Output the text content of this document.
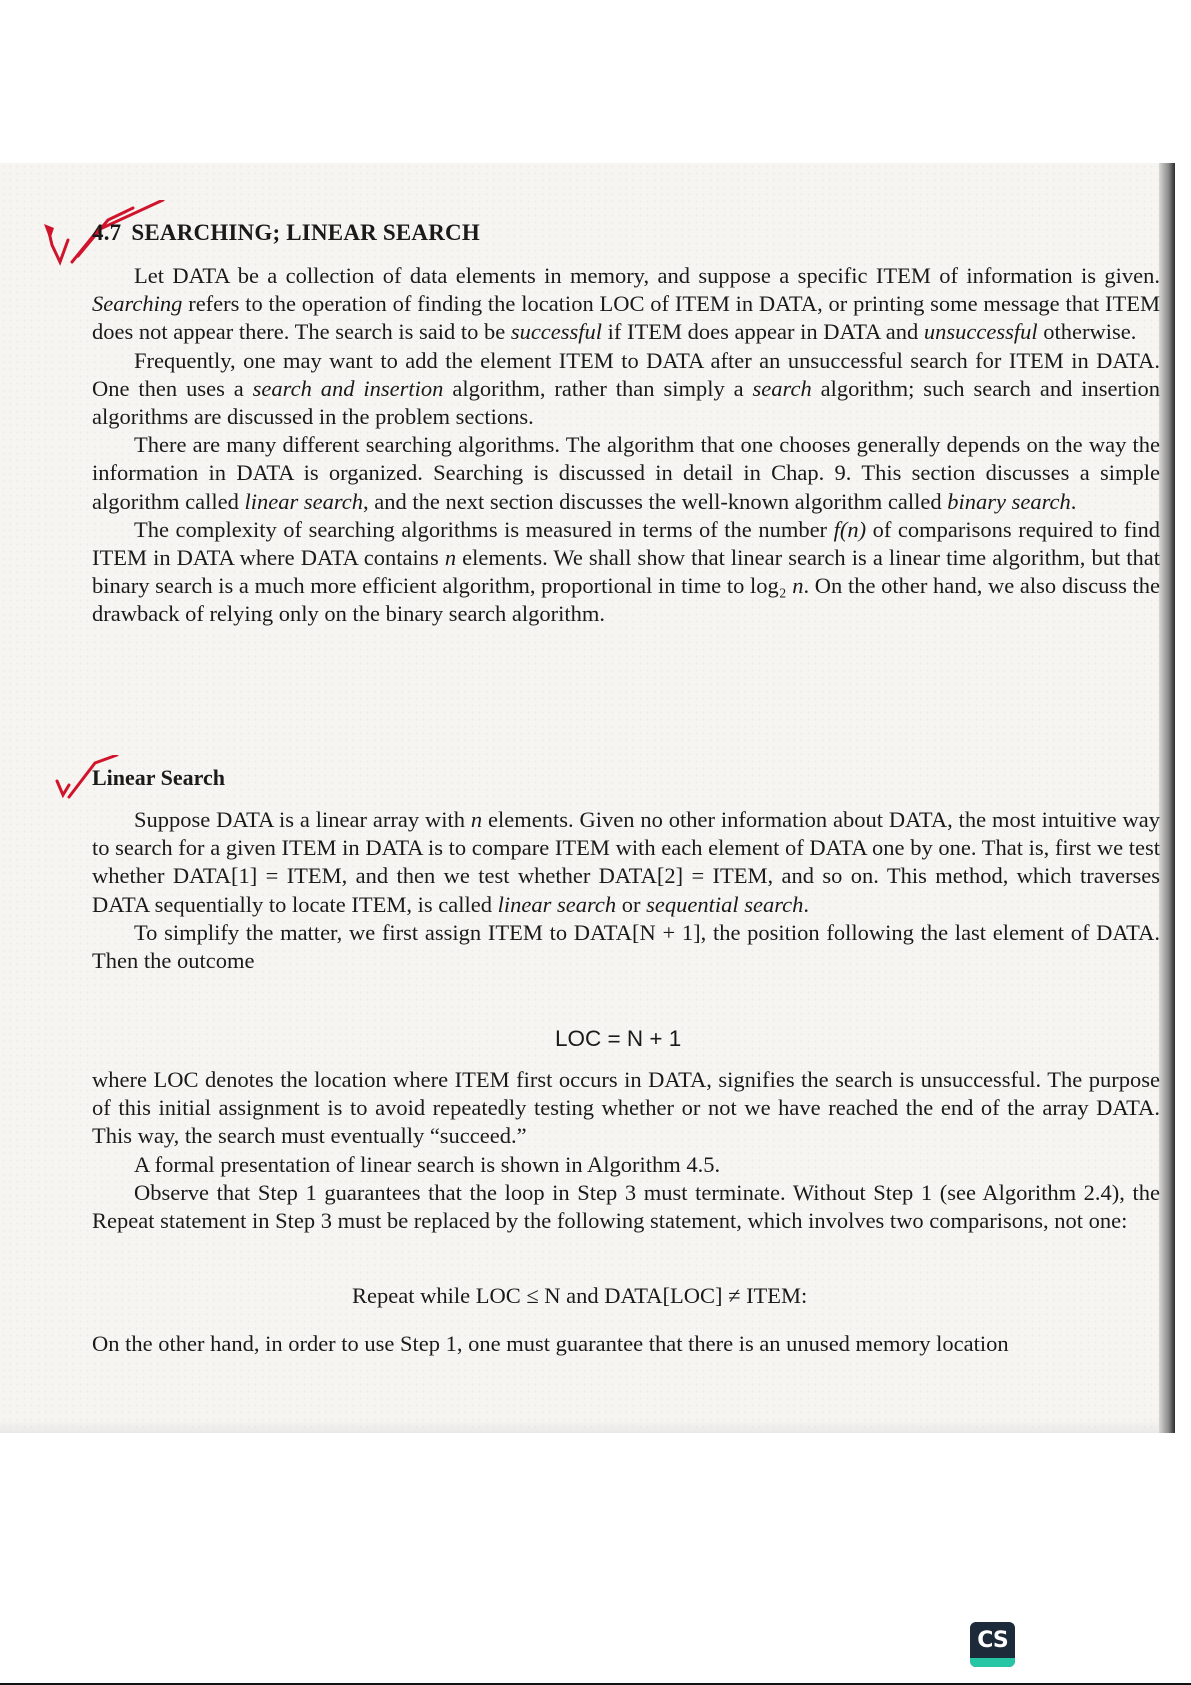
4.7 SEARCHING; LINEAR SEARCH

Let DATA be a collection of data elements in memory, and suppose a specific ITEM of information is given. Searching refers to the operation of finding the location LOC of ITEM in DATA, or printing some message that ITEM does not appear there. The search is said to be successful if ITEM does appear in DATA and unsuccessful otherwise.

Frequently, one may want to add the element ITEM to DATA after an unsuccessful search for ITEM in DATA. One then uses a search and insertion algorithm, rather than simply a search algorithm; such search and insertion algorithms are discussed in the problem sections.

There are many different searching algorithms. The algorithm that one chooses generally depends on the way the information in DATA is organized. Searching is discussed in detail in Chap. 9. This section discusses a simple algorithm called linear search, and the next section discusses the well-known algorithm called binary search.

The complexity of searching algorithms is measured in terms of the number f(n) of comparisons required to find ITEM in DATA where DATA contains n elements. We shall show that linear search is a linear time algorithm, but that binary search is a much more efficient algorithm, proportional in time to log₂ n. On the other hand, we also discuss the drawback of relying only on the binary search algorithm.

Linear Search

Suppose DATA is a linear array with n elements. Given no other information about DATA, the most intuitive way to search for a given ITEM in DATA is to compare ITEM with each element of DATA one by one. That is, first we test whether DATA[1] = ITEM, and then we test whether DATA[2] = ITEM, and so on. This method, which traverses DATA sequentially to locate ITEM, is called linear search or sequential search.

To simplify the matter, we first assign ITEM to DATA[N + 1], the position following the last element of DATA. Then the outcome

LOC = N + 1

where LOC denotes the location where ITEM first occurs in DATA, signifies the search is unsuccessful. The purpose of this initial assignment is to avoid repeatedly testing whether or not we have reached the end of the array DATA. This way, the search must eventually “succeed.”

A formal presentation of linear search is shown in Algorithm 4.5.

Observe that Step 1 guarantees that the loop in Step 3 must terminate. Without Step 1 (see Algorithm 2.4), the Repeat statement in Step 3 must be replaced by the following statement, which involves two comparisons, not one:

Repeat while LOC ≤ N and DATA[LOC] ≠ ITEM:

On the other hand, in order to use Step 1, one must guarantee that there is an unused memory location

CS
